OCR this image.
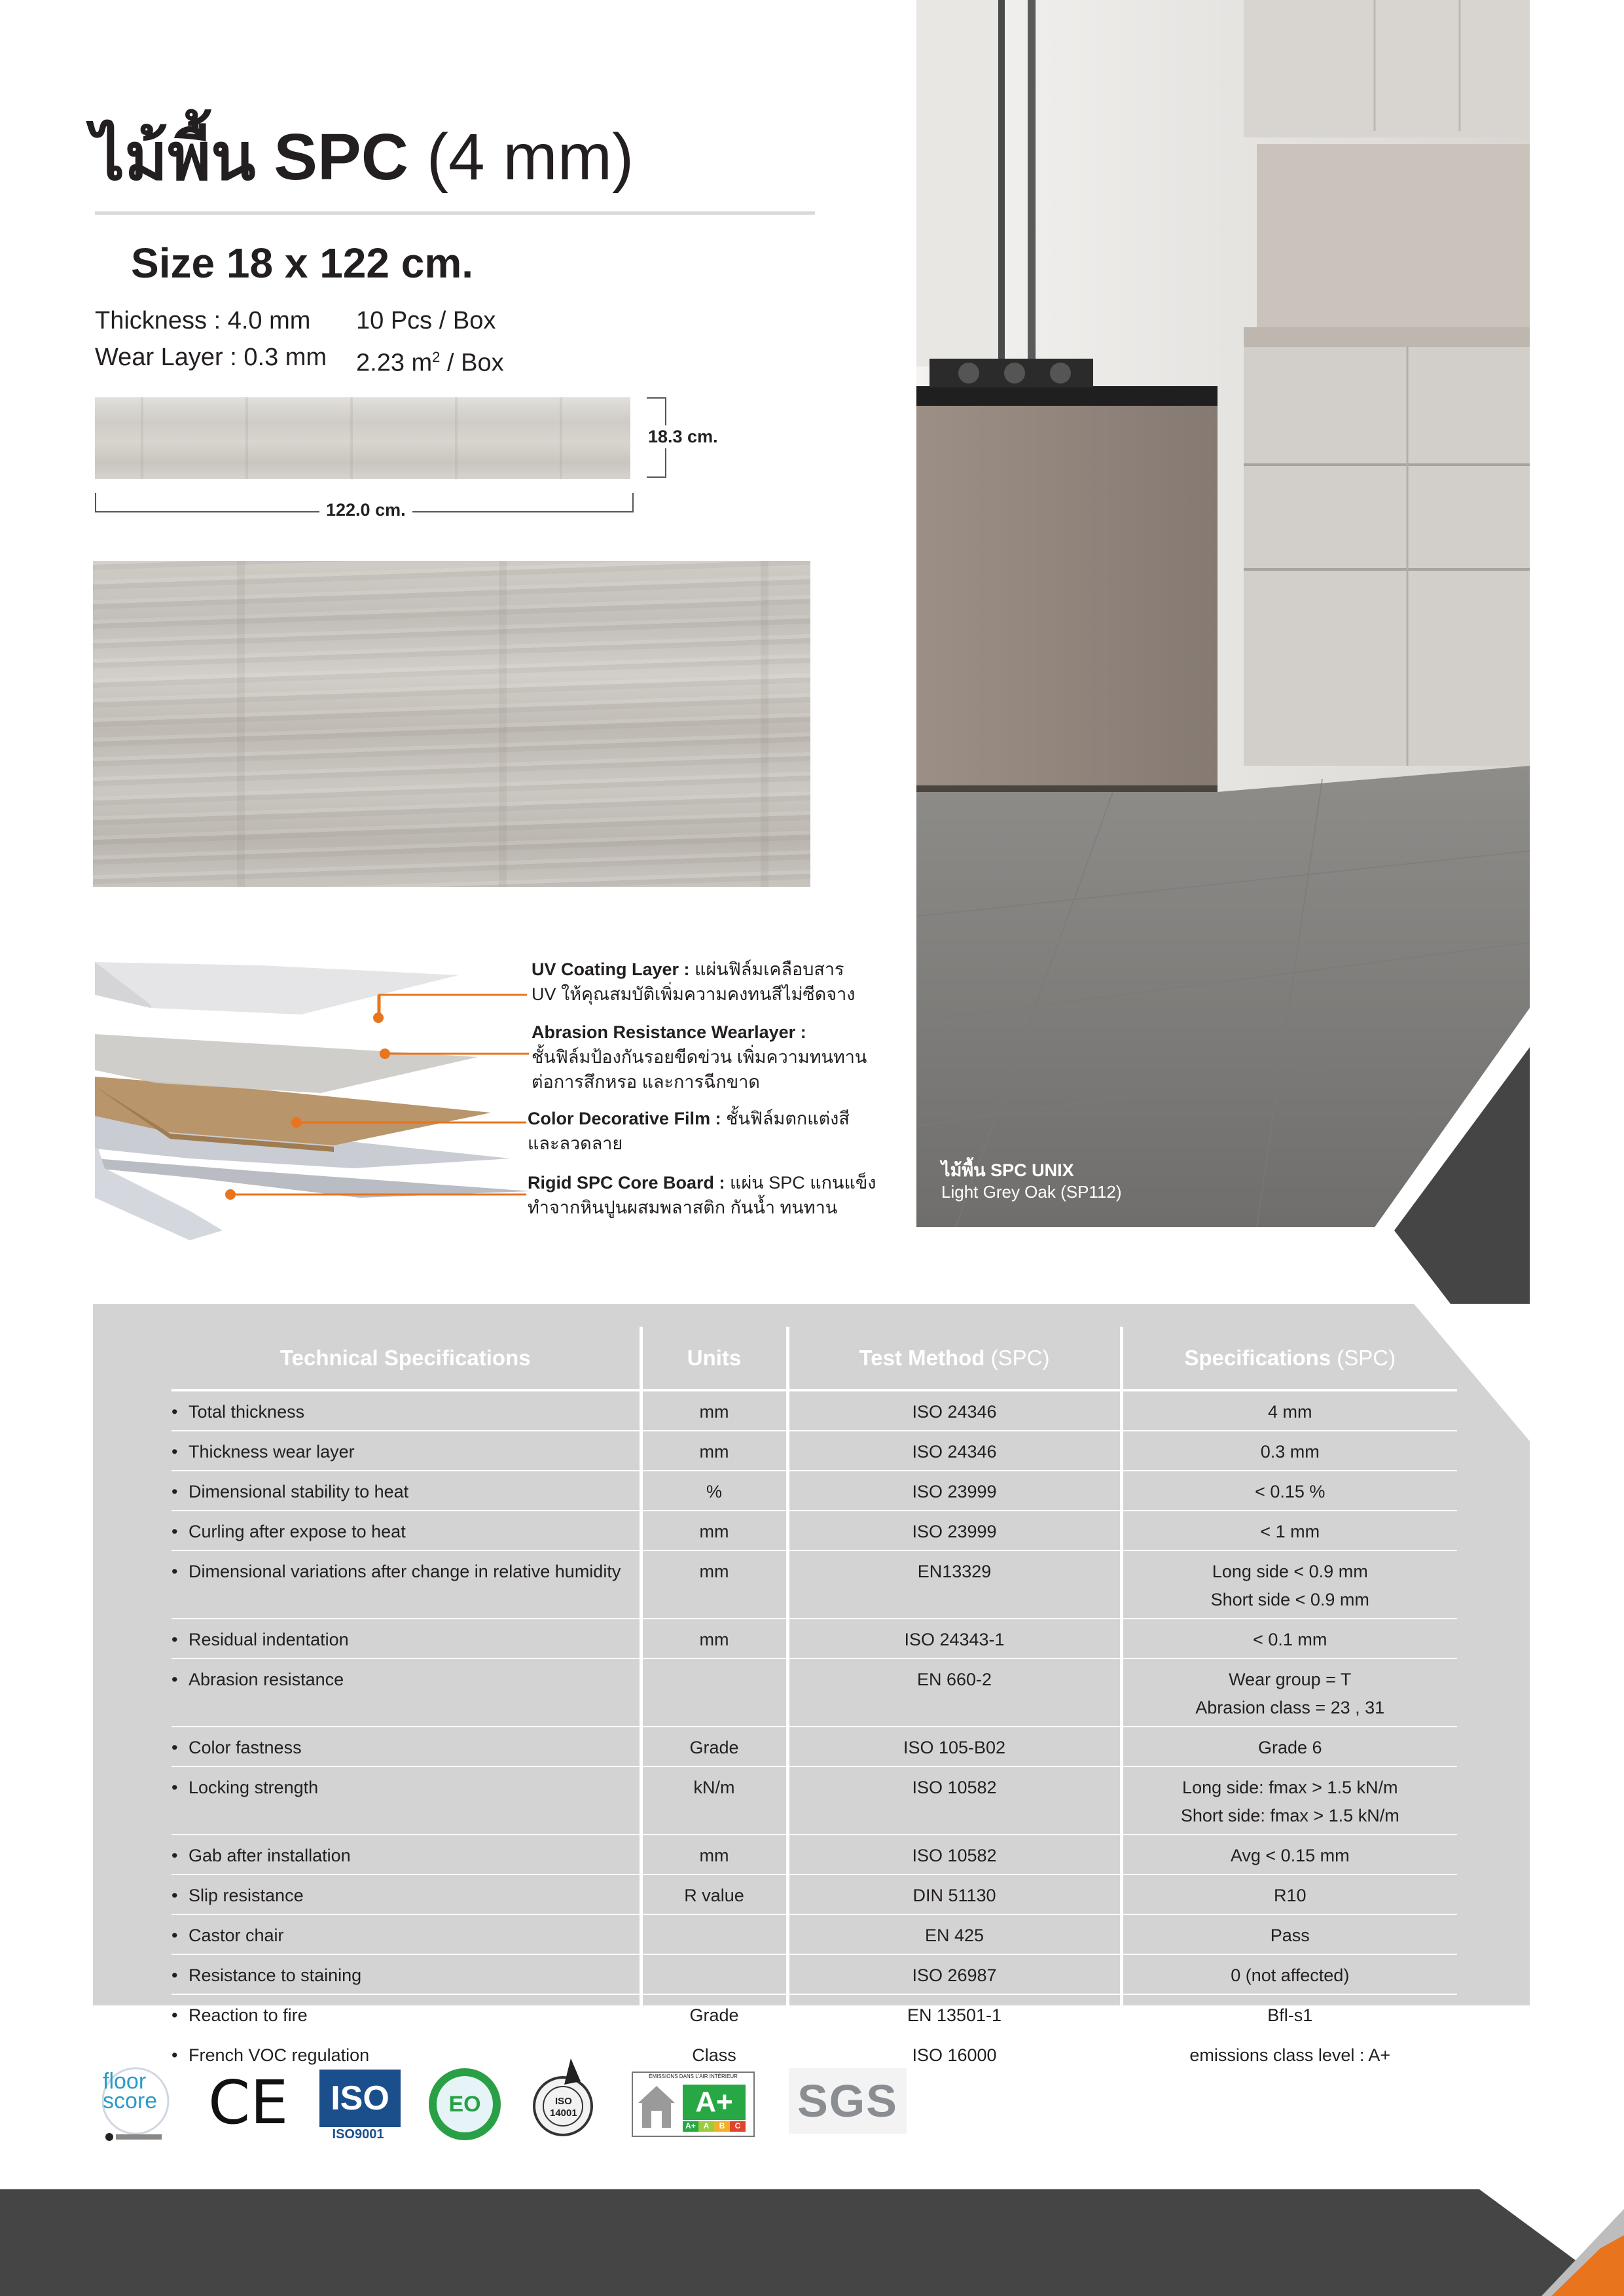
ไม้พื้น SPC (4 mm)
Size 18 x 122 cm.
Thickness : 4.0 mm
Wear Layer : 0.3 mm
10 Pcs / Box
2.23 $m^2$ / Box
18.3 cm.
122.0 cm.
ไม้พื้น SPC UNIX
Light Grey Oak (SP112)
UV Coating Layer : แผ่นฟิล์มเคลือบสาร UV ให้คุณสมบัติเพิ่มความคงทนสีไม่ซีดจาง
Abrasion Resistance Wearlayer :
ชั้นฟิล์มป้องกันรอยขีดข่วน เพิ่มความทนทานต่อการสึกหรอ และการฉีกขาด
Color Decorative Film : ชั้นฟิล์มตกแต่งสี และลวดลาย
Rigid SPC Core Board : แผ่น SPC แกนแข็ง ทำจากหินปูนผสมพลาสติก กันน้ำ ทนทาน
Technical Specifications	Units	Test Method (SPC)	Specifications (SPC)
• Total thickness	mm	ISO 24346	4 mm

• Thickness wear layer	mm	ISO 24346	0.3 mm

• Dimensional stability to heat	%	ISO 23999	< 0.15 %

• Curling after expose to heat	mm	ISO 23999	< 1 mm

• Dimensional variations after change in relative humidity	mm	EN13329	Long side < 0.9 mm
Short side < 0.9 mm

• Residual indentation	mm	ISO 24343-1	< 0.1 mm

• Abrasion resistance		EN 660-2	Wear group = T
Abrasion class = 23 , 31

• Color fastness	Grade	ISO 105-B02	Grade 6

• Locking strength	kN/m	ISO 10582	Long side: fmax > 1.5 kN/m
Short side: fmax > 1.5 kN/m

• Gab after installation	mm	ISO 10582	Avg < 0.15 mm

• Slip resistance	R value	DIN 51130	R10

• Castor chair		EN 425	Pass

• Resistance to staining		ISO 26987	0 (not affected)

• Reaction to fire	Grade	EN 13501-1	Bfl-s1

• French VOC regulation	Class	ISO 16000	emissions class level : A+
floor
score CE	ISO
ISO9001
EO	ISO
14001
ÉMISSIONS DANS L'AIR INTÉRIEUR
A+
A+ A	B	C SGS
